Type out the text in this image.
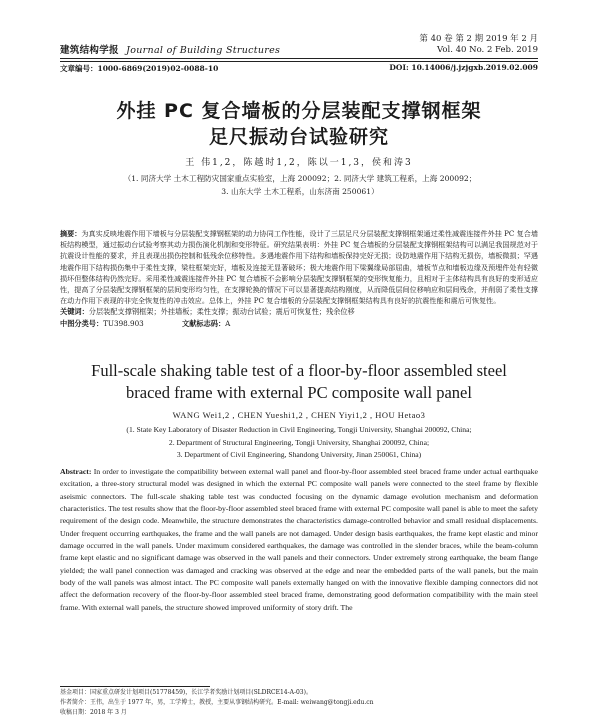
建筑结构学报 Journal of Building Structures
第 40 卷 第 2 期 2019 年 2 月
Vol. 40 No. 2 Feb. 2019
文章编号：1000-6869(2019)02-0088-10	DOI: 10.14006/j.jzjgxb.2019.02.009
外挂 PC 复合墙板的分层装配支撑钢框架
足尺振动台试验研究
王 伟1,2，陈越时1,2，陈以一1,3，侯和涛3
（1. 同济大学 土木工程防灾国家重点实验室，上海 200092；2. 同济大学 建筑工程系，上海 200092；
3. 山东大学 土木工程系，山东济南 250061）

摘要：为真实反映地震作用下墙板与分层装配支撑钢框架的动力协同工作性能，设计了三层足尺分层装配支撑钢框架通过柔性减震连接件外挂 PC 复合墙板结构模型，通过振动台试验考察其动力损伤演化机制和变形特征。研究结果表明：外挂 PC 复合墙板的分层装配支撑钢框架结构可以满足我国规范对于抗震设计性能的要求，并且表现出损伤控制和低残余位移特性。多遇地震作用下结构和墙板保持完好无损；设防地震作用下结构无损伤，墙板微损；罕遇地震作用下结构损伤集中于柔性支撑，梁柱框架完好，墙板及连接无显著破坏；极大地震作用下梁翼缘局部屈曲，墙板节点和墙板边缘及预埋件处有轻微损坏但整体结构仍然完好。采用柔性减震连接件外挂 PC 复合墙板不会影响分层装配支撑钢框架的变形恢复能力，且相对于主体结构具有良好的变形适应性，提高了分层装配支撑钢框架的层间变形均匀性，在支撑轮换的情况下可以显著提高结构刚度，从而降低层间位移响应和层间残余，并削弱了柔性支撑在动力作用下表现的非完全恢复性的冲击效应。总体上，外挂 PC 复合墙板的分层装配支撑钢框架结构具有良好的抗震性能和震后可恢复性。

关键词：分层装配支撑钢框架；外挂墙板；柔性支撑；振动台试验；震后可恢复性；残余位移

中图分类号：TU398.903	文献标志码：A

Full-scale shaking table test of a floor-by-floor assembled steel
braced frame with external PC composite wall panel
WANG Wei1,2 , CHEN Yueshi1,2 , CHEN Yiyi1,2 , HOU Hetao3
(1. State Key Laboratory of Disaster Reduction in Civil Engineering, Tongji University, Shanghai 200092, China;
2. Department of Structural Engineering, Tongji University, Shanghai 200092, China;
3. Department of Civil Engineering, Shandong University, Jinan 250061, China)
Abstract: In order to investigate the compatibility between external wall panel and floor-by-floor assembled steel braced frame under actual earthquake excitation, a three-story structural model was designed in which the external PC composite wall panels were connected to the steel frame by flexible aseismic connectors. The full-scale shaking table test was conducted focusing on the dynamic damage evolution mechanism and deformation characteristics. The test results show that the floor-by-floor assembled steel braced frame with external PC composite wall panel is able to meet the safety requirement of the design code. Meanwhile, the structure demonstrates the characteristics damage-controlled behavior and small residual displacements. Under frequent occurring earthquakes, the frame and the wall panels are not damaged. Under design basis earthquakes, the frame kept elastic and minor damage occurred in the wall panels. Under maximum considered earthquakes, the damage was controlled in the slender braces, while the beam-column frame kept elastic and no significant damage was observed in the wall panels and their connectors. Under extremely strong earthquake, the beam flange yielded; the wall panel connection was damaged and cracking was observed at the edge and near the embedded parts of the wall panels, but the main body of the wall panels was almost intact. The PC composite wall panels externally hanged on with the innovative flexible damping connectors did not affect the deformation recovery of the floor-by-floor assembled steel braced frame, demonstrating good deformation compatibility with the main steel frame. With external wall panels, the structure showed improved uniformity of story drift. The
基金项目：国家重点研发计划项目(51778459)，长江学者奖励计划项目(SLDRCE14-A-03)。
作者简介：王伟，出生于 1977 年，男，工学博士，教授，主要从事钢结构研究。E-mail: weiwang@tongji.edu.cn
收稿日期：2018 年 3 月
